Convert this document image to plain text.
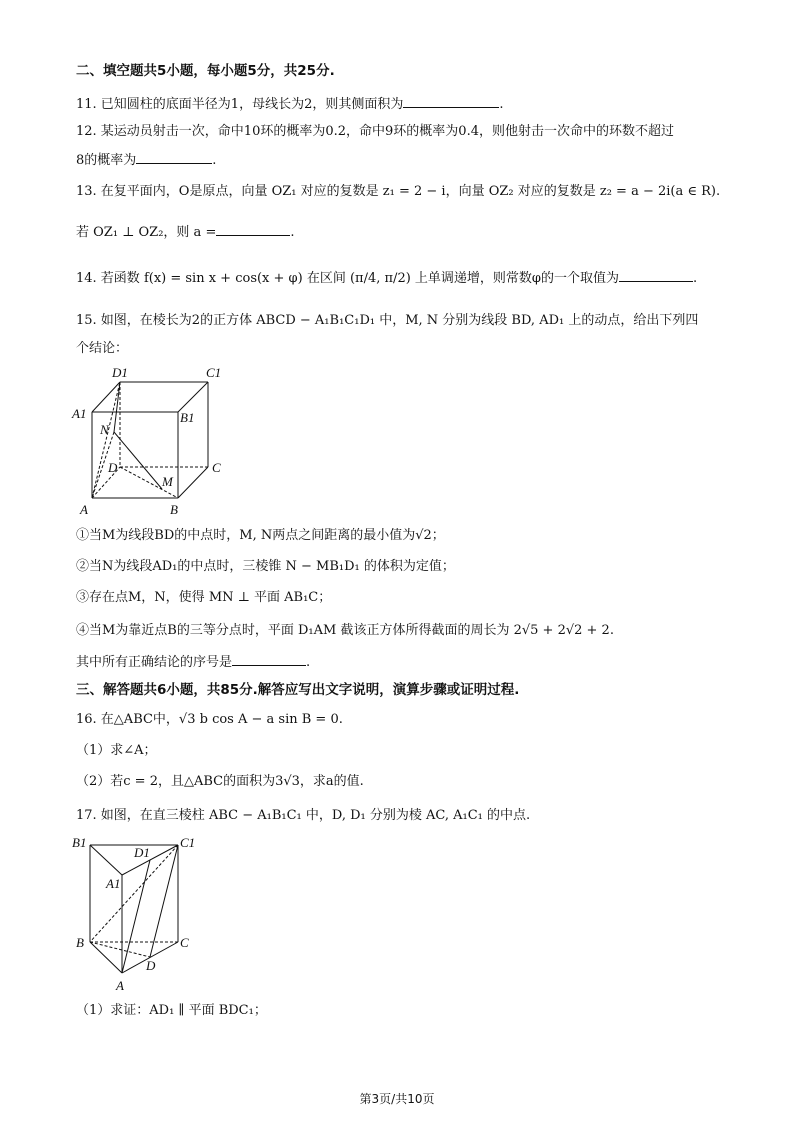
二、填空题共5小题，每小题5分，共25分.
11. 已知圆柱的底面半径为1，母线长为2，则其侧面积为	.
12. 某运动员射击一次，命中10环的概率为0.2，命中9环的概率为0.4，则他射击一次命中的环数不超过
8的概率为	.
13. 在复平面内，O是原点，向量 OZ₁ 对应的复数是 z₁ = 2 − i，向量 OZ₂ 对应的复数是 z₂ = a − 2i(a ∈ R).
若 OZ₁ ⊥ OZ₂，则 a =	.
14. 若函数 f(x) = sin x + cos(x + φ) 在区间 (π/4, π/2) 上单调递增，则常数φ的一个取值为	.
15. 如图，在棱长为2的正方体 ABCD − A₁B₁C₁D₁ 中，M, N 分别为线段 BD, AD₁ 上的动点，给出下列四
个结论：
D1	C1
A1	B1
N
D	C
M
A	B
①当M为线段BD的中点时，M, N两点之间距离的最小值为√2；
②当N为线段AD₁的中点时，三棱锥 N − MB₁D₁ 的体积为定值；
③存在点M，N，使得 MN ⊥ 平面 AB₁C；
④当M为靠近点B的三等分点时，平面 D₁AM 截该正方体所得截面的周长为 2√5 + 2√2 + 2.
其中所有正确结论的序号是	.
三、解答题共6小题，共85分.解答应写出文字说明，演算步骤或证明过程.
16. 在△ABC中，√3 b cos A − a sin B = 0.
（1）求∠A；
（2）若c = 2，且△ABC的面积为3√3，求a的值.
17. 如图，在直三棱柱 ABC − A₁B₁C₁ 中，D, D₁ 分别为棱 AC, A₁C₁ 的中点.
B1
D1
C1
A1
B	C
D
A
（1）求证：AD₁ ∥ 平面 BDC₁；
第3页/共10页
